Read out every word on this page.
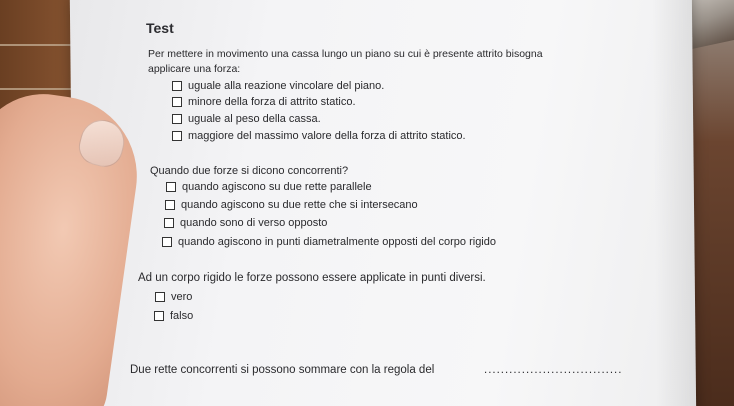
Test
Per mettere in movimento una cassa lungo un piano su cui è presente attrito bisogna
applicare una forza:
uguale alla reazione vincolare del piano.
minore della forza di attrito statico.
uguale al peso della cassa.
maggiore del massimo valore della forza di attrito statico.
Quando due forze si dicono concorrenti?
quando agiscono su due rette parallele
quando agiscono su due rette che si intersecano
quando sono di verso opposto
quando agiscono in punti diametralmente opposti del corpo rigido
Ad un corpo rigido le forze possono essere applicate in punti diversi.
vero
falso
Due rette concorrenti si possono sommare con la regola del	.................................
